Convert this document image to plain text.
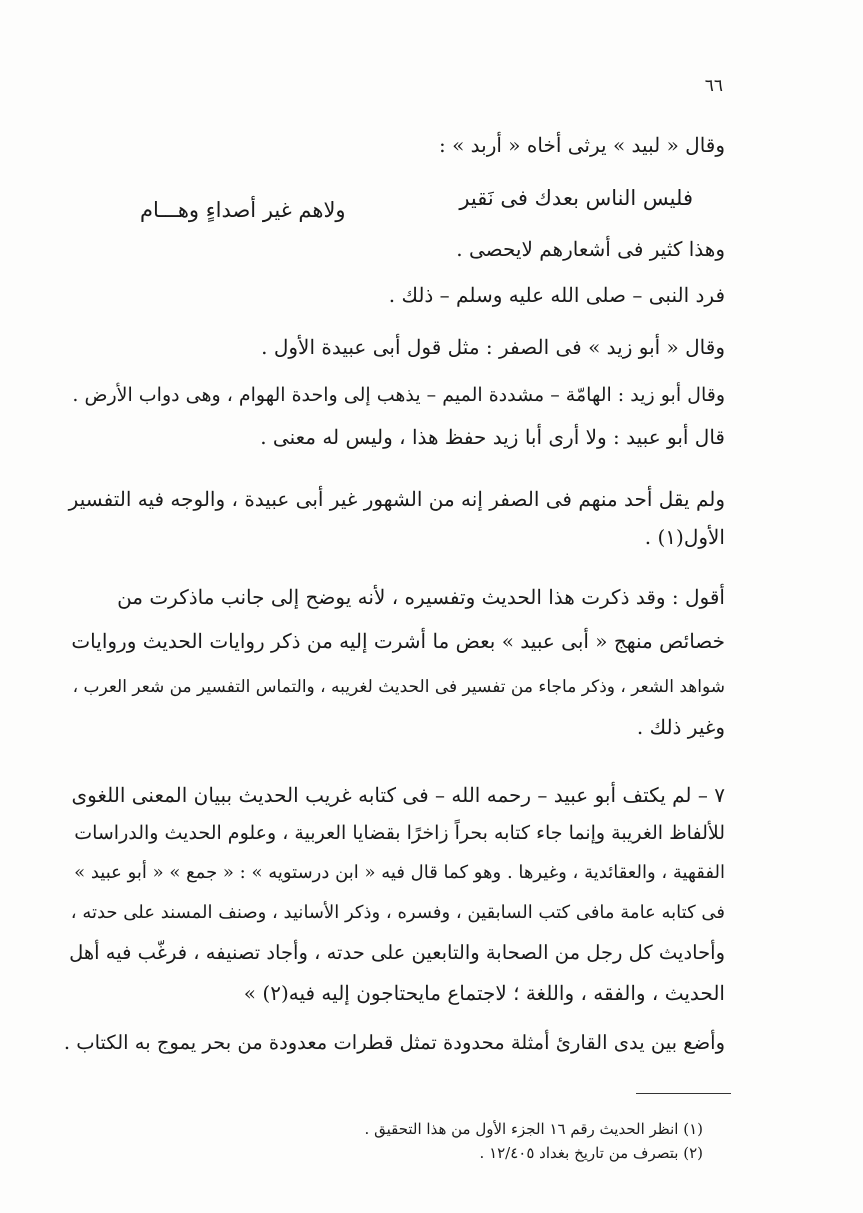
٦٦
وقال « لبيد » يرثى أخاه « أربد » :
فليس الناس بعدك فى نَقير
ولاهم غير أصداءٍ وهـــام
وهذا كثير فى أشعارهم لايحصى .
فرد النبى – صلى الله عليه وسلم – ذلك .
وقال « أبو زيد » فى الصفر : مثل قول أبى عبيدة الأول .
وقال أبو زيد : الهامّة – مشددة الميم – يذهب إلى واحدة الهوام ، وهى دواب الأرض .
قال أبو عبيد : ولا أرى أبا زيد حفظ هذا ، وليس له معنى .
ولم يقل أحد منهم فى الصفر إنه من الشهور غير أبى عبيدة ، والوجه فيه التفسير
الأول(١) .
أقول : وقد ذكرت هذا الحديث وتفسيره ، لأنه يوضح إلى جانب ماذكرت من
خصائص منهج « أبى عبيد » بعض ما أشرت إليه من ذكر روايات الحديث وروايات
شواهد الشعر ، وذكر ماجاء من تفسير فى الحديث لغريبه ، والتماس التفسير من شعر العرب ،
وغير ذلك .
٧ – لم يكتف أبو عبيد – رحمه الله – فى كتابه غريب الحديث ببيان المعنى اللغوى
للألفاظ الغريبة وإنما جاء كتابه بحراً زاخرًا بقضايا العربية ، وعلوم الحديث والدراسات
الفقهية ، والعقائدية ، وغيرها . وهو كما قال فيه « ابن درستويه » : « جمع » « أبو عبيد »
فى كتابه عامة مافى كتب السابقين ، وفسره ، وذكر الأسانيد ، وصنف المسند على حدته ،
وأحاديث كل رجل من الصحابة والتابعين على حدته ، وأجاد تصنيفه ، فرغّب فيه أهل
الحديث ، والفقه ، واللغة ؛ لاجتماع مايحتاجون إليه فيه(٢) »
وأضع بين يدى القارئ أمثلة محدودة تمثل قطرات معدودة من بحر يموج به الكتاب .
(١) انظر الحديث رقم ١٦ الجزء الأول من هذا التحقيق .
(٢) بتصرف من تاريخ بغداد ١٢/٤٠٥ .
